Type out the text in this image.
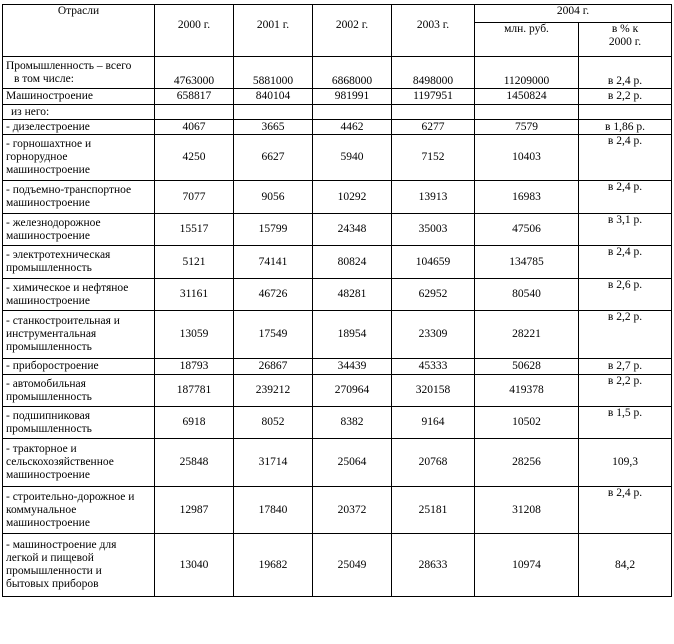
Отрасли	2000 г.	2001 г.	2002 г.	2003 г.	2004 г.	
					млн. руб.	в % к
2000 г.

Промышленность – всего
в том числе:	4763000	5881000	6868000	8498000	11209000	в 2,4 р.
Машиностроение	658817	840104	981991	1197951	1450824	в 2,2 р.
из него:						

- дизелестроение	4067	3665	4462	6277	7579	в 1,86 р.

- горношахтное и
горнорудное
машиностроение	4250	6627	5940	7152	10403	в 2,4 р.

- подъемно-транспортное
машиностроение	7077	9056	10292	13913	16983	в 2,4 р.

- железнодорожное
машиностроение	15517	15799	24348	35003	47506	в 3,1 р.

- электротехническая
промышленность	5121	74141	80824	104659	134785	в 2,4 р.

- химическое и нефтяное
машиностроение	31161	46726	48281	62952	80540	в 2,6 р.

- станкостроительная и
инструментальная
промышленность	13059	17549	18954	23309	28221	в 2,2 р.

- приборостроение	18793	26867	34439	45333	50628	в 2,7 р.

- автомобильная
промышленность	187781	239212	270964	320158	419378	в 2,2 р.

- подшипниковая
промышленность	6918	8052	8382	9164	10502	в 1,5 р.

- тракторное и
сельскохозяйственное
машиностроение	25848	31714	25064	20768	28256	109,3

- строительно-дорожное и
коммунальное
машиностроение	12987	17840	20372	25181	31208	в 2,4 р.

- машиностроение для
легкой и пищевой
промышленности и
бытовых приборов	13040	19682	25049	28633	10974	84,2
